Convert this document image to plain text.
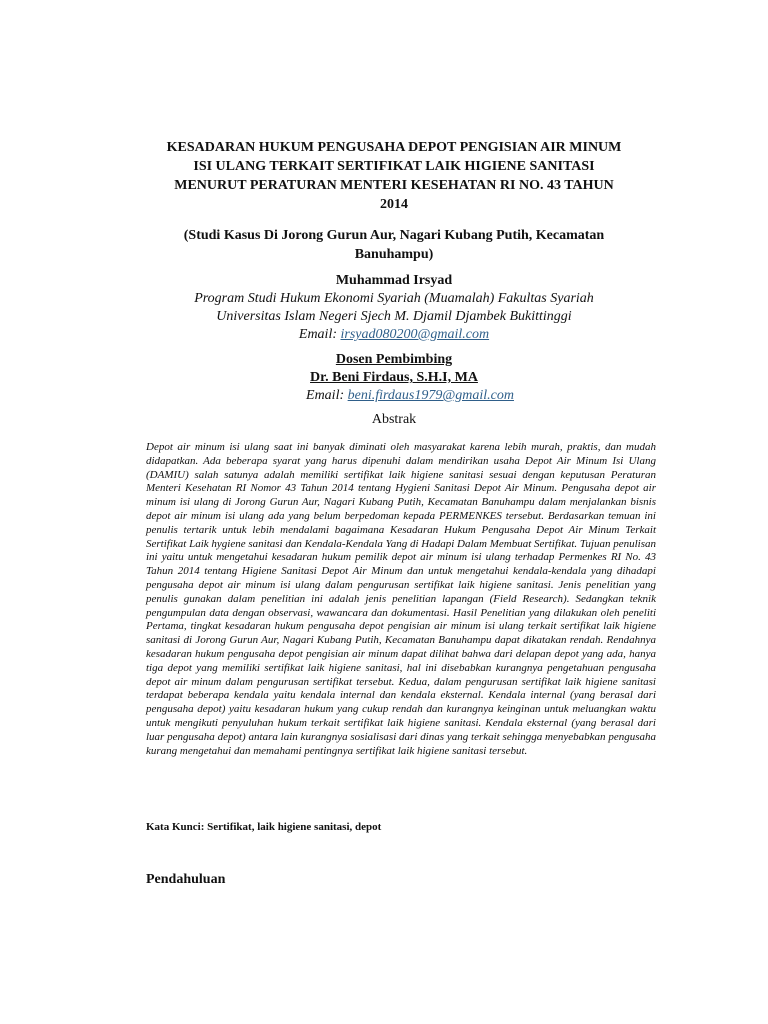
KESADARAN HUKUM PENGUSAHA DEPOT PENGISIAN AIR MINUM
ISI ULANG TERKAIT SERTIFIKAT LAIK HIGIENE SANITASI
MENURUT PERATURAN MENTERI KESEHATAN RI NO. 43 TAHUN
2014
(Studi Kasus Di Jorong Gurun Aur, Nagari Kubang Putih, Kecamatan
Banuhampu)
Muhammad Irsyad
Program Studi Hukum Ekonomi Syariah (Muamalah) Fakultas Syariah
Universitas Islam Negeri Sjech M. Djamil Djambek Bukittinggi
Email: irsyad080200@gmail.com
Dosen Pembimbing
Dr. Beni Firdaus, S.H.I, MA
Email: beni.firdaus1979@gmail.com
Abstrak

Depot air minum isi ulang saat ini banyak diminati oleh masyarakat karena lebih murah, praktis, dan mudah didapatkan. Ada beberapa syarat yang harus dipenuhi dalam mendirikan usaha Depot Air Minum Isi Ulang (DAMIU) salah satunya adalah memiliki sertifikat laik higiene sanitasi sesuai dengan keputusan Peraturan Menteri Kesehatan RI Nomor 43 Tahun 2014 tentang Hygieni Sanitasi Depot Air Minum. Pengusaha depot air minum isi ulang di Jorong Gurun Aur, Nagari Kubang Putih, Kecamatan Banuhampu dalam menjalankan bisnis depot air minum isi ulang ada yang belum berpedoman kepada PERMENKES tersebut. Berdasarkan temuan ini penulis tertarik untuk lebih mendalami bagaimana Kesadaran Hukum Pengusaha Depot Air Minum Terkait Sertifikat Laik hygiene sanitasi dan Kendala-Kendala Yang di Hadapi Dalam Membuat Sertifikat. Tujuan penulisan ini yaitu untuk mengetahui kesadaran hukum pemilik depot air minum isi ulang terhadap Permenkes RI No. 43 Tahun 2014 tentang Higiene Sanitasi Depot Air Minum dan untuk mengetahui kendala-kendala yang dihadapi pengusaha depot air minum isi ulang dalam pengurusan sertifikat laik higiene sanitasi. Jenis penelitian yang penulis gunakan dalam penelitian ini adalah jenis penelitian lapangan (Field Research). Sedangkan teknik pengumpulan data dengan observasi, wawancara dan dokumentasi. Hasil Penelitian yang dilakukan oleh peneliti Pertama, tingkat kesadaran hukum pengusaha depot pengisian air minum isi ulang terkait sertifikat laik higiene sanitasi di Jorong Gurun Aur, Nagari Kubang Putih, Kecamatan Banuhampu dapat dikatakan rendah. Rendahnya kesadaran hukum pengusaha depot pengisian air minum dapat dilihat bahwa dari delapan depot yang ada, hanya tiga depot yang memiliki sertifikat laik higiene sanitasi, hal ini disebabkan kurangnya pengetahuan pengusaha depot air minum dalam pengurusan sertifikat tersebut. Kedua, dalam pengurusan sertifikat laik higiene sanitasi terdapat beberapa kendala yaitu kendala internal dan kendala eksternal. Kendala internal (yang berasal dari pengusaha depot) yaitu kesadaran hukum yang cukup rendah dan kurangnya keinginan untuk meluangkan waktu untuk mengikuti penyuluhan hukum terkait sertifikat laik higiene sanitasi. Kendala eksternal (yang berasal dari luar pengusaha depot) antara lain kurangnya sosialisasi dari dinas yang terkait sehingga menyebabkan pengusaha kurang mengetahui dan memahami pentingnya sertifikat laik higiene sanitasi tersebut.

Kata Kunci: Sertifikat, laik higiene sanitasi, depot
Pendahuluan
